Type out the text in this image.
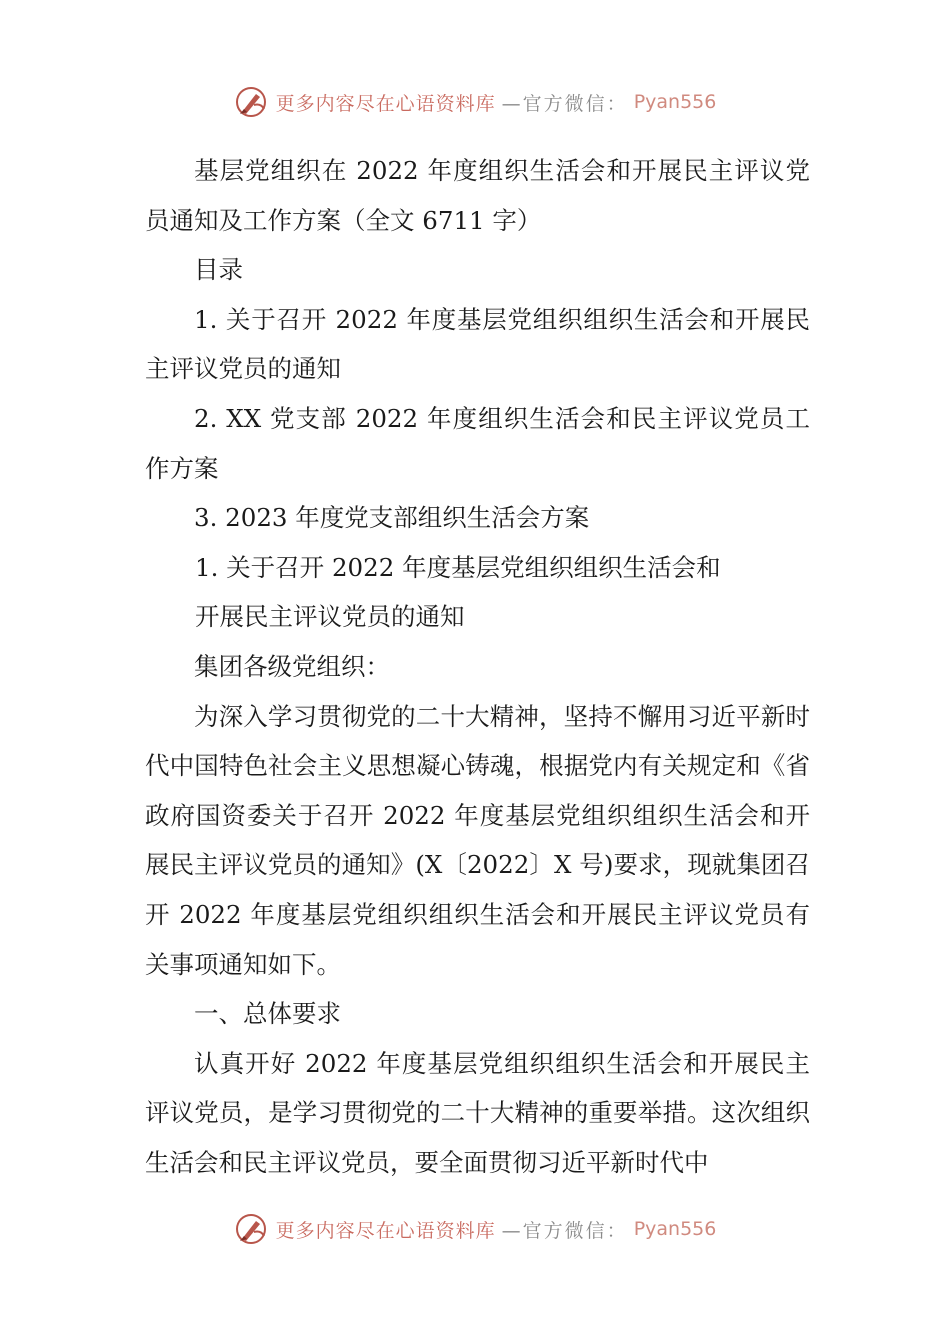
更多内容尽在心语资料库 —官方微信： Pyan556

基层党组织在 2022 年度组织生活会和开展民主评议党员通知及工作方案（全文 6711 字）

目录

1. 关于召开 2022 年度基层党组织组织生活会和开展民主评议党员的通知

2. XX 党支部 2022 年度组织生活会和民主评议党员工作方案

3. 2023 年度党支部组织生活会方案

1. 关于召开 2022 年度基层党组织组织生活会和

开展民主评议党员的通知

集团各级党组织：

为深入学习贯彻党的二十大精神，坚持不懈用习近平新时代中国特色社会主义思想凝心铸魂，根据党内有关规定和《省政府国资委关于召开 2022 年度基层党组织组织生活会和开展民主评议党员的通知》(X〔2022〕X 号)要求，现就集团召开 2022 年度基层党组织组织生活会和开展民主评议党员有关事项通知如下。

一、总体要求

认真开好 2022 年度基层党组织组织生活会和开展民主评议党员，是学习贯彻党的二十大精神的重要举措。这次组织生活会和民主评议党员，要全面贯彻习近平新时代中

更多内容尽在心语资料库 —官方微信： Pyan556
